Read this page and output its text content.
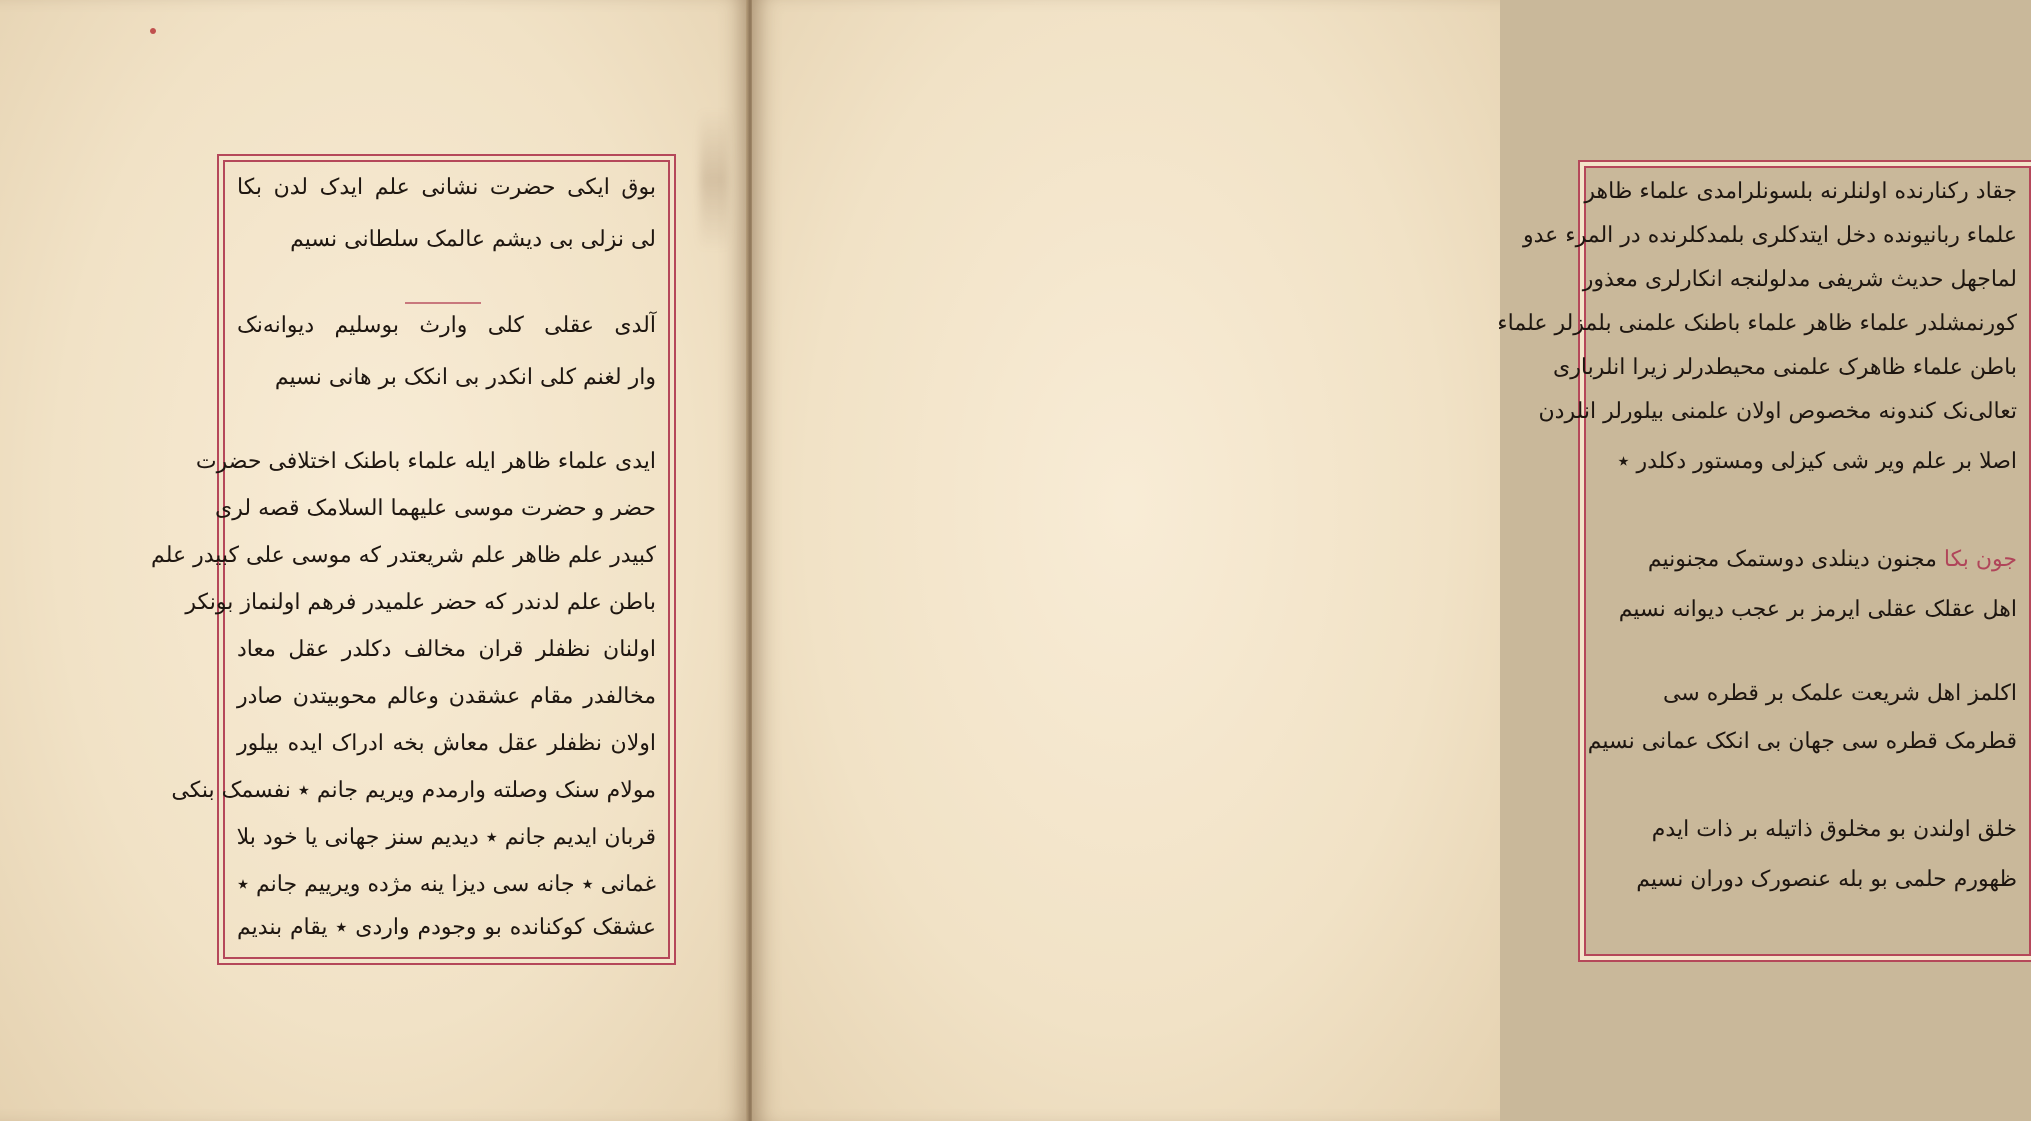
بوق ایکی حضرت نشانی علم ایدک لدن بکا
لی نزلی بی دیشم عالمک سلطانی نسیم
آلدی عقلی کلی وارث بوسلیم دیوانه‌نک
وار لغنم کلی انکدر بی انکک بر هانی نسیم
ایدی علماء ظاهر ایله علماء باطنک اختلافی حضرت
حضر و حضرت موسی علیهما السلامک قصه لری
کبیدر علم ظاهر علم شریعتدر که موسی علی کبیدر علم
باطن علم لدندر که حضر علمیدر فرهم اولنماز بونکر
اولنان نظفلر قران مخالف دکلدر عقل معاد
مخالفدر مقام عشقدن وعالم محوبیتدن صادر
اولان نظفلر عقل معاش بخه ادراک ایده بیلور
مولام سنک وصلته وارمدم ویریم جانم ٭ نفسمک بنکی
قربان ایدیم جانم ٭ دیدیم سنز جهانی یا خود بلا
غمانی ٭ جانه سی دیزا ینه مژده ویرییم جانم ٭
عشقک کوکنانده بو وجودم واردی ٭ یقام بندیم
جقاد رکنارنده اولنلرنه بلسونلرامدی علماء ظاهر
علماء ربانیونده دخل ایتدکلری بلمدکلرنده در المرء عدو
لماجهل حدیث شریفی مدلولنجه انکارلری معذور
کورنمشلدر علماء ظاهر علماء باطنک علمنی بلمزلر علماء
باطن علماء ظاهرک علمنی محیطدرلر زیرا انلرباری
تعالی‌نک کندونه مخصوص اولان علمنی بیلورلر انلردن
اصلا بر علم ویر شی کیزلی ومستور دکلدر ٭
جون بکا مجنون دینلدی دوستمک مجنونیم
اهل عقلک عقلی ایرمز بر عجب دیوانه نسیم
اکلمز اهل شریعت علمک بر قطره سی
قطرمک قطره سی جهان بی انکک عمانی نسیم
خلق اولندن بو مخلوق ذاتیله بر ذات ایدم
ظهورم حلمی بو بله عنصورک دوران نسیم
